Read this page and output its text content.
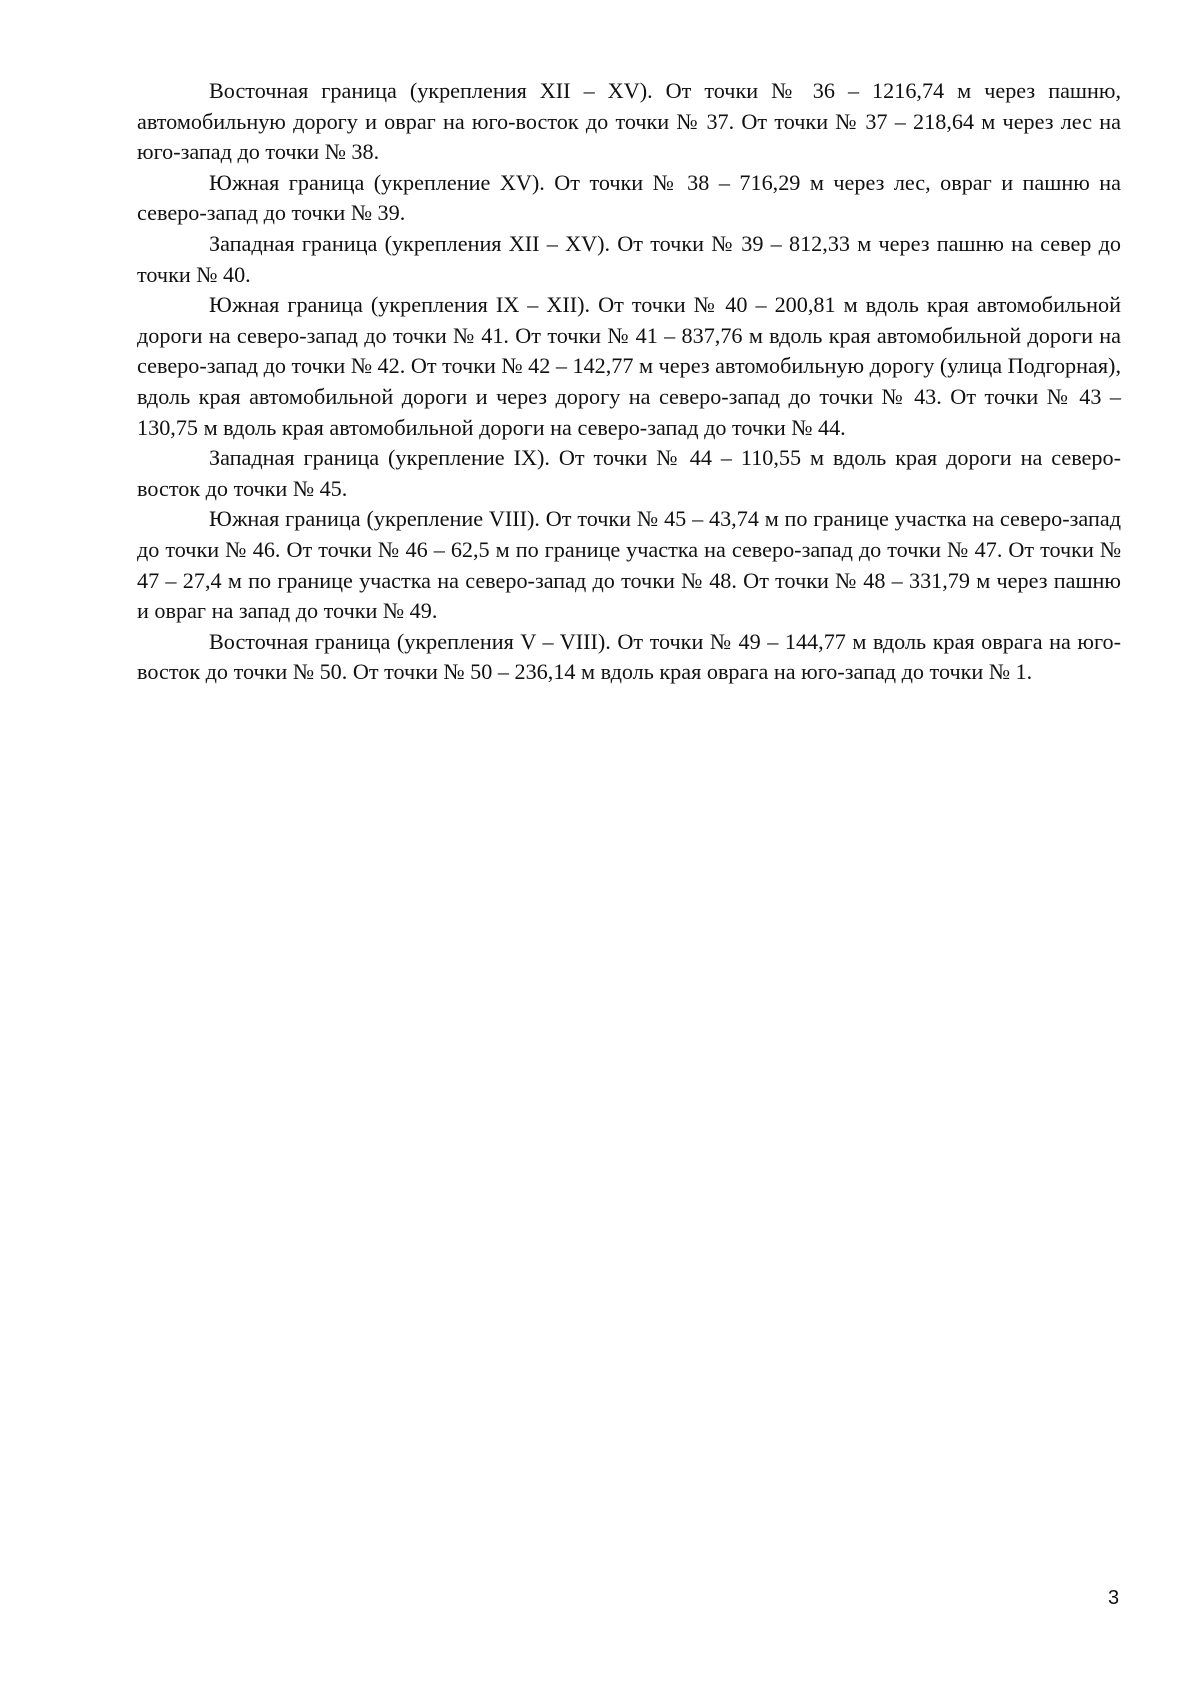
Восточная граница (укрепления XII – XV). От точки № 36 – 1216,74 м через пашню, автомобильную дорогу и овраг на юго-восток до точки № 37. От точки № 37 – 218,64 м через лес на юго-запад до точки № 38.

Южная граница (укрепление XV). От точки № 38 – 716,29 м через лес, овраг и пашню на северо-запад до точки № 39.

Западная граница (укрепления XII – XV). От точки № 39 – 812,33 м через пашню на север до точки № 40.

Южная граница (укрепления IX – XII). От точки № 40 – 200,81 м вдоль края автомобильной дороги на северо-запад до точки № 41. От точки № 41 – 837,76 м вдоль края автомобильной дороги на северо-запад до точки № 42. От точки № 42 – 142,77 м через автомобильную дорогу (улица Подгорная), вдоль края автомобильной дороги и через дорогу на северо-запад до точки № 43. От точки № 43 – 130,75 м вдоль края автомобильной дороги на северо-запад до точки № 44.

Западная граница (укрепление IX). От точки № 44 – 110,55 м вдоль края дороги на северо-восток до точки № 45.

Южная граница (укрепление VIII). От точки № 45 – 43,74 м по границе участка на северо-запад до точки № 46. От точки № 46 – 62,5 м по границе участка на северо-запад до точки № 47. От точки № 47 – 27,4 м по границе участка на северо-запад до точки № 48. От точки № 48 – 331,79 м через пашню и овраг на запад до точки № 49.

Восточная граница (укрепления V – VIII). От точки № 49 – 144,77 м вдоль края оврага на юго-восток до точки № 50. От точки № 50 – 236,14 м вдоль края оврага на юго-запад до точки № 1.

3
